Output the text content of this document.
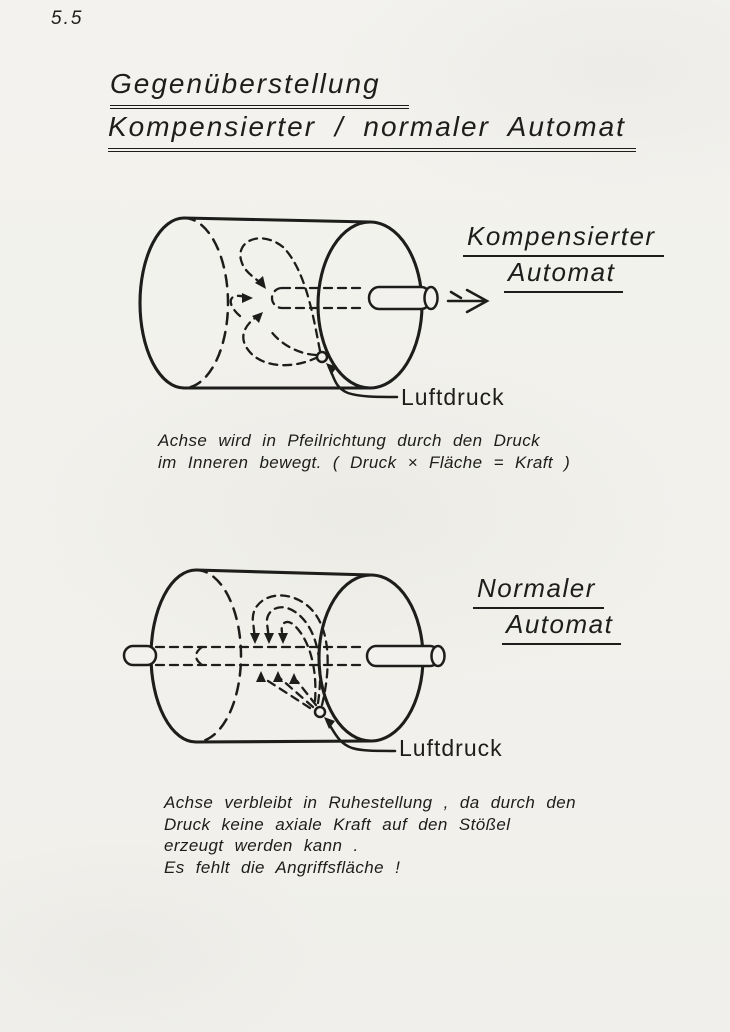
5.5
Gegenüberstellung
Kompensierter / normaler Automat
Kompensierter
Automat
Luftdruck
Achse wird in Pfeilrichtung durch den Druck
im Inneren bewegt. ( Druck × Fläche = Kraft )
Normaler
Automat
Luftdruck
Achse verbleibt in Ruhestellung , da durch den
Druck keine axiale Kraft auf den Stößel
erzeugt werden kann .
Es fehlt die Angriffsfläche !
